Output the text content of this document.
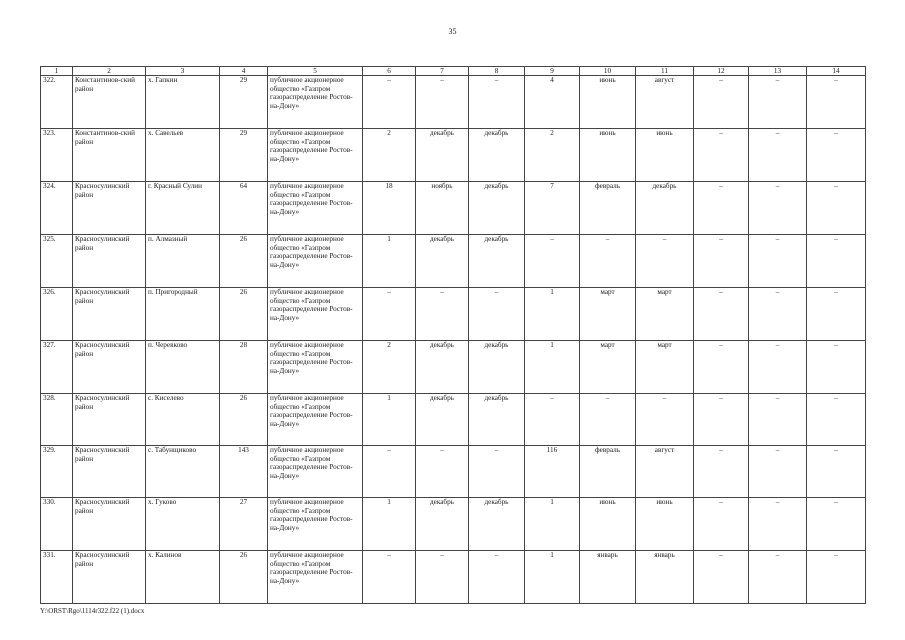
35
1	2	3	4	5	6	7	8	9	10	11	12	13	14
322.	Константинов-ский район	х. Гапкин	29	публичное акционерное общество «Газпром газораспределение Ростов-на-Дону»	–	–	–	4	июнь	август	–	–	–
323.	Константинов-ский район	х. Савельев	29	публичное акционерное общество «Газпром газораспределение Ростов-на-Дону»	2	декабрь	декабрь	2	июнь	июнь	–	–	–
324.	Красносулинский район	г. Красный Сулин	64	публичное акционерное общество «Газпром газораспределение Ростов-на-Дону»	18	ноябрь	декабрь	7	февраль	декабрь	–	–	–
325.	Красносулинский район	п. Алмазный	26	публичное акционерное общество «Газпром газораспределение Ростов-на-Дону»	1	декабрь	декабрь	–	–	–	–	–	–
326.	Красносулинский район	п. Пригородный	26	публичное акционерное общество «Газпром газораспределение Ростов-на-Дону»	–	–	–	1	март	март	–	–	–
327.	Красносулинский район	п. Черевково	28	публичное акционерное общество «Газпром газораспределение Ростов-на-Дону»	2	декабрь	декабрь	1	март	март	–	–	–
328.	Красносулинский район	с. Киселево	26	публичное акционерное общество «Газпром газораспределение Ростов-на-Дону»	1	декабрь	декабрь	–	–	–	–	–	–
329.	Красносулинский район	с. Табунщиково	143	публичное акционерное общество «Газпром газораспределение Ростов-на-Дону»	–	–	–	116	февраль	август	–	–	–
330.	Красносулинский район	х. Гуково	27	публичное акционерное общество «Газпром газораспределение Ростов-на-Дону»	1	декабрь	декабрь	1	июнь	июнь	–	–	–
331.	Красносулинский район	х. Калинов	26	публичное акционерное общество «Газпром газораспределение Ростов-на-Дону»	–	–	–	1	январь	январь	–	–	–
Y:\ORST\Rgo\1114r322.f22 (1).docx
